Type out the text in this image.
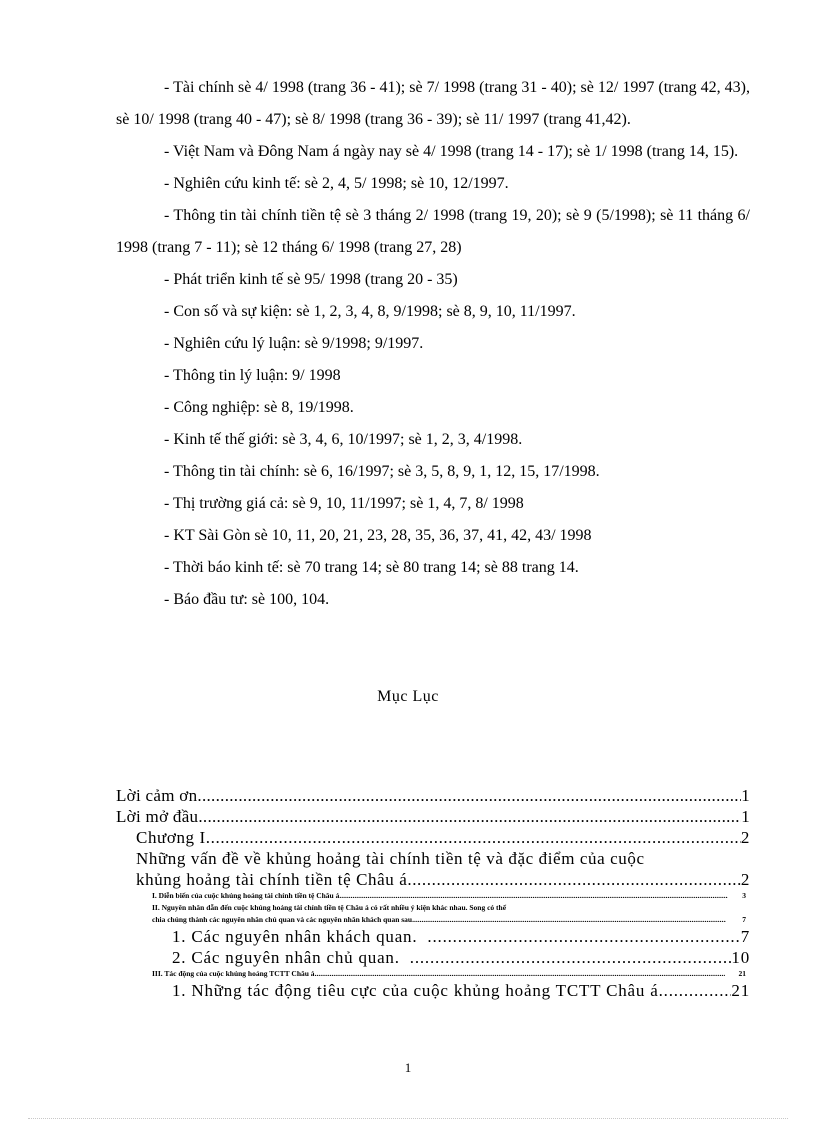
- Tài chính sè 4/ 1998 (trang 36 - 41); sè 7/ 1998 (trang 31 - 40); sè 12/ 1997 (trang 42, 43), sè 10/ 1998 (trang 40 - 47); sè 8/ 1998 (trang 36 - 39); sè 11/ 1997 (trang 41,42).

- Việt Nam và Đông Nam á ngày nay sè 4/ 1998 (trang 14 - 17); sè 1/ 1998 (trang 14, 15).

- Nghiên cứu kinh tế: sè 2, 4, 5/ 1998; sè 10, 12/1997.

- Thông tin tài chính tiền tệ sè 3 tháng 2/ 1998 (trang 19, 20); sè 9 (5/1998); sè 11 tháng 6/ 1998 (trang 7 - 11); sè 12 tháng 6/ 1998 (trang 27, 28)

- Phát triển kinh tế sè 95/ 1998 (trang 20 - 35)

- Con số và sự kiện: sè 1, 2, 3, 4, 8, 9/1998; sè 8, 9, 10, 11/1997.

- Nghiên cứu lý luận: sè 9/1998; 9/1997.

- Thông tin lý luận: 9/ 1998

- Công nghiệp: sè 8, 19/1998.

- Kinh tế thế giới: sè 3, 4, 6, 10/1997; sè 1, 2, 3, 4/1998.

- Thông tin tài chính: sè 6, 16/1997; sè 3, 5, 8, 9, 1, 12, 15, 17/1998.

- Thị trường giá cả: sè 9, 10, 11/1997; sè 1, 4, 7, 8/ 1998

- KT Sài Gòn sè 10, 11, 20, 21, 23, 28, 35, 36, 37, 41, 42, 43/ 1998

- Thời báo kinh tế: sè 70 trang 14; sè 80 trang 14; sè 88 trang 14.

- Báo đầu tư: sè 100, 104.

Mục Lục
Lời cảm ơn .....	1
Lời mở đầu .....	1
Chương I .....	2
Những vấn đề về khủng hoảng tài chính tiền tệ và đặc điểm của cuộc
khủng hoảng tài chính tiền tệ Châu á .....	2
I. Diễn biến của cuộc khủng hoảng tài chính tiền tệ Châu á. .....	3
II. Nguyên nhân dẫn đến cuộc khủng hoảng tài chính tiền tệ Châu á có rất nhiều ý kiện khác nhau. Song có thể
chia chúng thành các nguyên nhân chủ quan và các nguyên nhân khách quan sau. .....	7
1. Các nguyên nhân khách quan. .....	7
2. Các nguyên nhân chủ quan. .....	10
III. Tác động của cuộc khủng hoảng TCTT Châu á .....	21
1. Những tác động tiêu cực của cuộc khủng hoảng TCTT Châu á .....	21
1
